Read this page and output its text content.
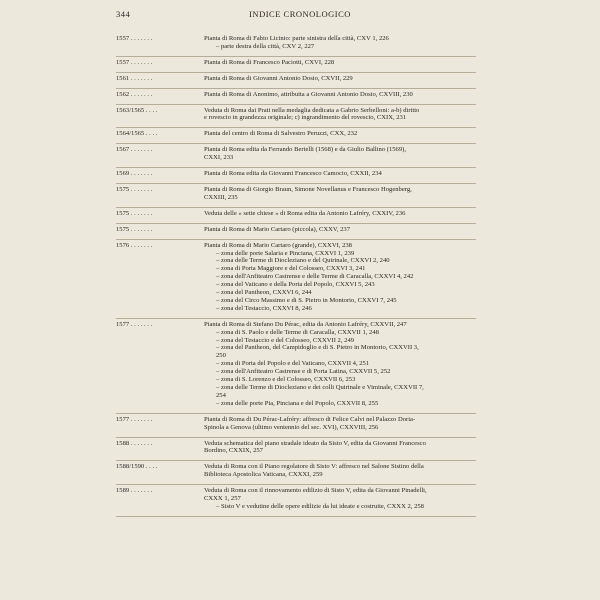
344	INDICE CRONOLOGICO
1557 . . . . . . .	Pianta di Roma di Fabio Licinio: parte sinistra della città, CXV 1, 226
– parte destra della città, CXV 2, 227
1557 . . . . . . .	Pianta di Roma di Francesco Paciotti, CXVI, 228
1561 . . . . . . .	Pianta di Roma di Giovanni Antonio Dosio, CXVII, 229
1562 . . . . . . .	Pianta di Roma di Anonimo, attribuita a Giovanni Antonio Dosio, CXVIII, 230
1563/1565 . . . .	Veduta di Roma dai Prati nella medaglia dedicata a Gabrio Serbelloni: a-b) diritto
e rovescio in grandezza originale; c) ingrandimento del rovescio, CXIX, 231
1564/1565 . . . .	Pianta del centro di Roma di Salvestro Peruzzi, CXX, 232
1567 . . . . . . .	Pianta di Roma edita da Ferrando Bertelli (1568) e da Giulio Ballino (1569),
CXXI, 233
1569 . . . . . . .	Pianta di Roma edita da Giovanni Francesco Camocio, CXXII, 234
1575 . . . . . . .	Pianta di Roma di Giorgio Braun, Simone Novellanus e Francesco Hogenberg,
CXXIII, 235
1575 . . . . . . .	Veduta delle « sette chiese » di Roma edita da Antonio Lafréry, CXXIV, 236
1575 . . . . . . .	Pianta di Roma di Mario Cartaro (piccola), CXXV, 237
1576 . . . . . . .	Pianta di Roma di Mario Cartaro (grande), CXXVI, 238
– zona delle porte Salaria e Pinciana, CXXVI 1, 239
– zona delle Terme di Diocleziano e del Quirinale, CXXVI 2, 240
– zona di Porta Maggiore e del Colosseo, CXXVI 3, 241
– zona dell'Anfiteatro Castrense e delle Terme di Caracalla, CXXVI 4, 242
– zona del Vaticano e della Porta del Popolo, CXXVI 5, 243
– zona del Pantheon, CXXVI 6, 244
– zona del Circo Massimo e di S. Pietro in Montorio, CXXVI 7, 245
– zona del Testaccio, CXXVI 8, 246
1577 . . . . . . .	Pianta di Roma di Stefano Du Pérac, edita da Antonio Lafréry, CXXVII, 247
– zona di S. Paolo e delle Terme di Caracalla, CXXVII 1, 248
– zona del Testaccio e del Colosseo, CXXVII 2, 249
– zona del Pantheon, del Campidoglio e di S. Pietro in Montorio, CXXVII 3,
250
– zona di Porta del Popolo e del Vaticano, CXXVII 4, 251
– zona dell'Anfiteatro Castrense e di Porta Latina, CXXVII 5, 252
– zona di S. Lorenzo e del Colosseo, CXXVII 6, 253
– zona delle Terme di Diocleziano e dei colli Quirinale e Viminale, CXXVII 7,
254
– zona delle porte Pia, Pinciana e del Popolo, CXXVII 8, 255
1577 . . . . . . .	Pianta di Roma di Du Pérac-Lafréry: affresco di Felice Calvi nel Palazzo Doria-
Spinola a Genova (ultimo ventennio del sec. XVI), CXXVIII, 256
1588 . . . . . . .	Veduta schematica del piano stradale ideato da Sisto V, edita da Giovanni Francesco
Bordino, CXXIX, 257
1588/1590 . . . .	Veduta di Roma con il Piano regolatore di Sisto V: affresco nel Salone Sistino della
Biblioteca Apostolica Vaticana, CXXXI, 259
1589 . . . . . . .	Veduta di Roma con il rinnovamento edilizio di Sisto V, edita da Giovanni Pinadelli,
CXXX 1, 257
– Sisto V e vedutine delle opere edilizie da lui ideate e costruite, CXXX 2, 258
